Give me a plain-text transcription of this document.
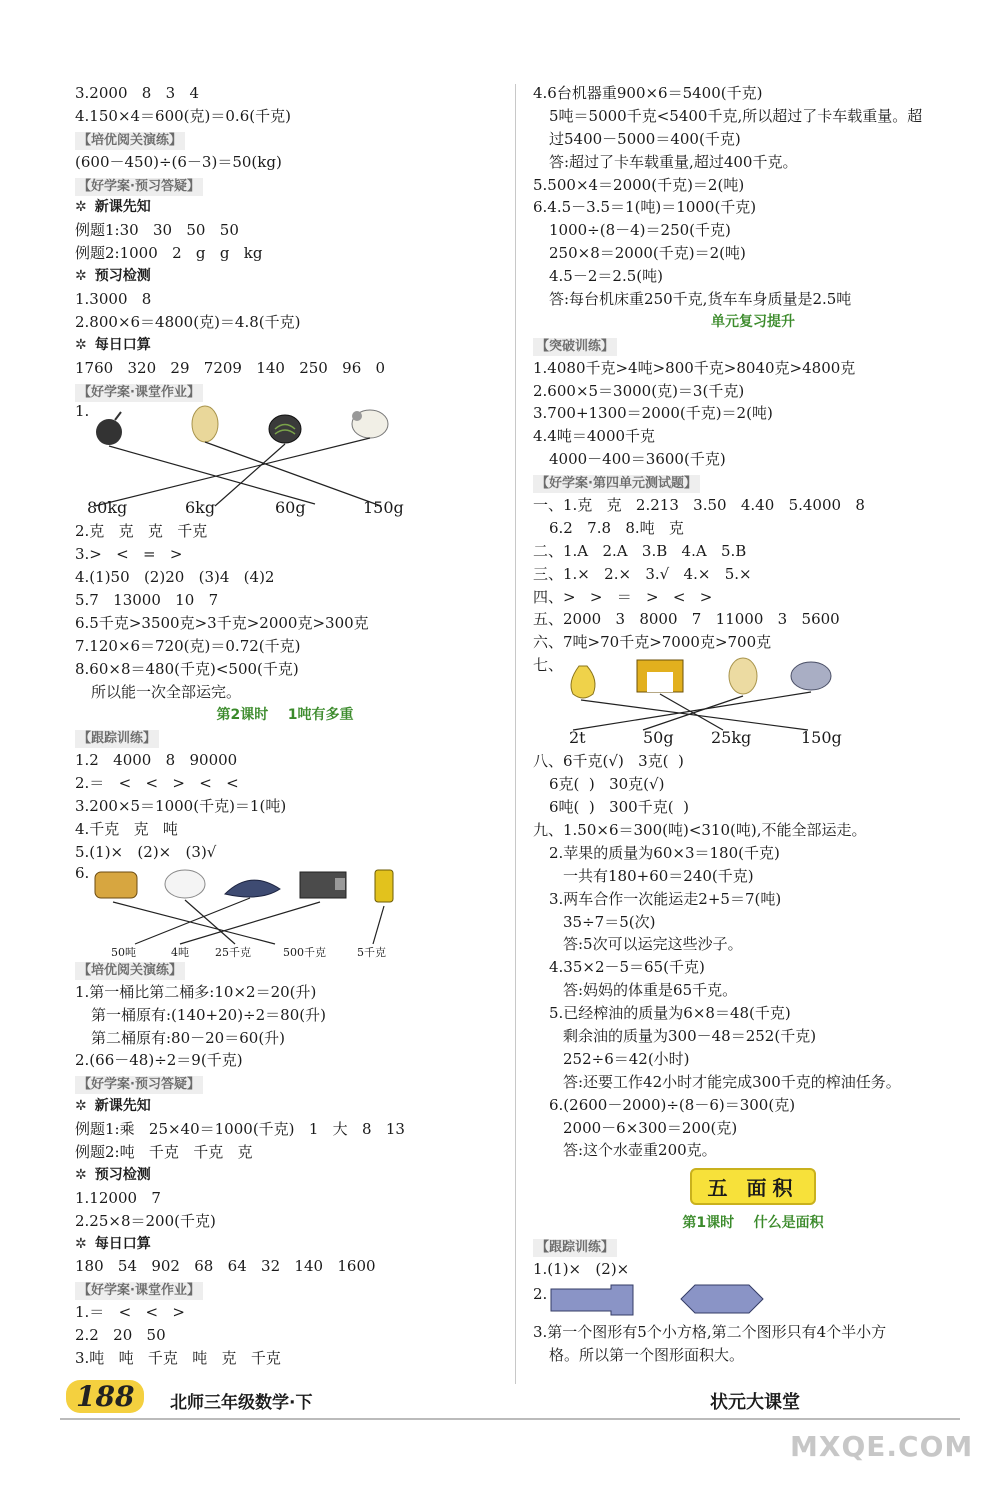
3.2000   8   3   4
4.150×4＝600(克)＝0.6(千克)
【培优阅关演练】
(600－450)÷(6－3)＝50(kg)
【好学案·预习答疑】
✲ 新课先知
例题1:30   30   50   50
例题2:1000   2   g   g   kg
✲ 预习检测
1.3000   8
2.800×6＝4800(克)＝4.8(千克)
✲ 每日口算
1760   320   29   7209   140   250   96   0
【好学案·课堂作业】
1.
80kg	6kg	60g	150g
2.克   克   克   千克
3.>   <   =   >
4.(1)50   (2)20   (3)4   (4)2
5.7   13000   10   7
6.5千克>3500克>3千克>2000克>300克
7.120×6＝720(克)＝0.72(千克)
8.60×8＝480(千克)<500(千克)
所以能一次全部运完。
第2课时    1吨有多重
【跟踪训练】
1.2   4000   8   90000
2.＝   <   <   >   <   <
3.200×5＝1000(千克)＝1(吨)
4.千克   克   吨
5.(1)×   (2)×   (3)√
6.
50吨	4吨 25千克	500千克	5千克
【培优阅关演练】
1.第一桶比第二桶多:10×2＝20(升)
第一桶原有:(140+20)÷2＝80(升)
第二桶原有:80－20＝60(升)
2.(66－48)÷2＝9(千克)
【好学案·预习答疑】
✲ 新课先知
例题1:乘   25×40＝1000(千克)   1   大   8   13
例题2:吨   千克   千克   克
✲ 预习检测
1.12000   7
2.25×8＝200(千克)
✲ 每日口算
180   54   902   68   64   32   140   1600
【好学案·课堂作业】
1.＝   <   <   >
2.2   20   50
3.吨   吨   千克   吨   克   千克
4.6台机器重900×6＝5400(千克)
5吨＝5000千克<5400千克,所以超过了卡车载重量。超
过5400－5000＝400(千克)
答:超过了卡车载重量,超过400千克。
5.500×4＝2000(千克)＝2(吨)
6.4.5－3.5＝1(吨)＝1000(千克)
1000÷(8－4)＝250(千克)
250×8＝2000(千克)＝2(吨)
4.5－2＝2.5(吨)
答:每台机床重250千克,货车车身质量是2.5吨
单元复习提升
【突破训练】
1.4080千克>4吨>800千克>8040克>4800克
2.600×5＝3000(克)＝3(千克)
3.700+1300＝2000(千克)＝2(吨)
4.4吨＝4000千克
4000－400＝3600(千克)
【好学案·第四单元测试题】
一、1.克   克   2.213   3.50   4.40   5.4000   8
6.2   7.8   8.吨   克
二、1.A   2.A   3.B   4.A   5.B
三、1.×   2.×   3.√   4.×   5.×
四、>   >   ＝   >   <   >
五、2000   3   8000   7   11000   3   5600
六、7吨>70千克>7000克>700克
七、
2t	50g 25kg	150g
八、6千克(√)   3克(  )
6克(  )   30克(√)
6吨(  )   300千克(  )
九、1.50×6＝300(吨)<310(吨),不能全部运走。
2.苹果的质量为60×3＝180(千克)
一共有180+60＝240(千克)
3.两车合作一次能运走2+5＝7(吨)
35÷7＝5(次)
答:5次可以运完这些沙子。
4.35×2－5＝65(千克)
答:妈妈的体重是65千克。
5.已经榨油的质量为6×8＝48(千克)
剩余油的质量为300－48＝252(千克)
252÷6＝42(小时)
答:还要工作42小时才能完成300千克的榨油任务。
6.(2600－2000)÷(8－6)＝300(克)
2000－6×300＝200(克)
答:这个水壶重200克。
五 面积
第1课时    什么是面积
【跟踪训练】
1.(1)×   (2)×
2.
3.第一个图形有5个小方格,第二个图形只有4个半小方
格。所以第一个图形面积大。
188	北师三年级数学·下	状元大课堂
MXQE.COM
